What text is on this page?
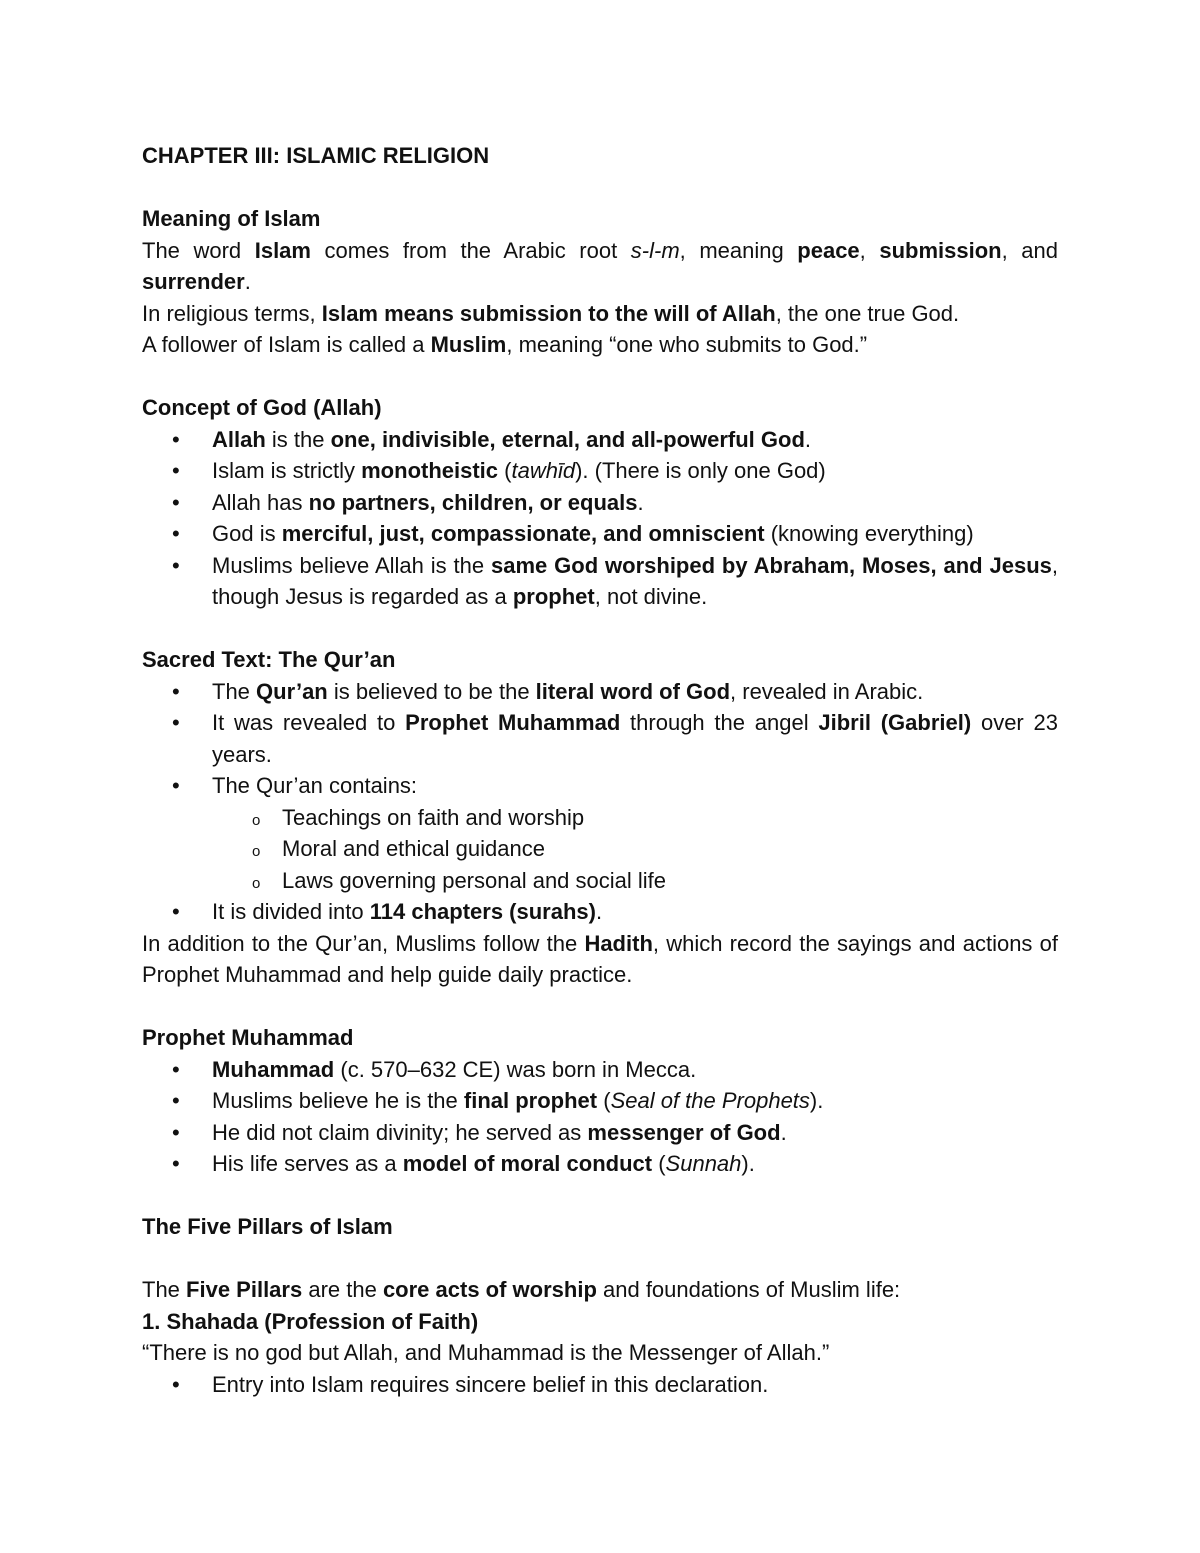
CHAPTER III: ISLAMIC RELIGION
Meaning of Islam

The word Islam comes from the Arabic root s-l-m, meaning peace, submission, and surrender.

In religious terms, Islam means submission to the will of Allah, the one true God.

A follower of Islam is called a Muslim, meaning “one who submits to God.”

Concept of God (Allah)
• Allah is the one, indivisible, eternal, and all-powerful God.
• Islam is strictly monotheistic (tawhīd). (There is only one God)
• Allah has no partners, children, or equals.
• God is merciful, just, compassionate, and omniscient (knowing everything)
• Muslims believe Allah is the same God worshiped by Abraham, Moses, and Jesus, though Jesus is regarded as a prophet, not divine.
Sacred Text: The Qur’an
• The Qur’an is believed to be the literal word of God, revealed in Arabic.
• It was revealed to Prophet Muhammad through the angel Jibril (Gabriel) over 23 years.
• The Qur’an contains:
o Teachings on faith and worship
o Moral and ethical guidance
o Laws governing personal and social life
• It is divided into 114 chapters (surahs).

In addition to the Qur’an, Muslims follow the Hadith, which record the sayings and actions of Prophet Muhammad and help guide daily practice.

Prophet Muhammad
• Muhammad (c. 570–632 CE) was born in Mecca.
• Muslims believe he is the final prophet (Seal of the Prophets).
• He did not claim divinity; he served as messenger of God.
• His life serves as a model of moral conduct (Sunnah).
The Five Pillars of Islam

The Five Pillars are the core acts of worship and foundations of Muslim life:

1. Shahada (Profession of Faith)

“There is no god but Allah, and Muhammad is the Messenger of Allah.”

• Entry into Islam requires sincere belief in this declaration.
